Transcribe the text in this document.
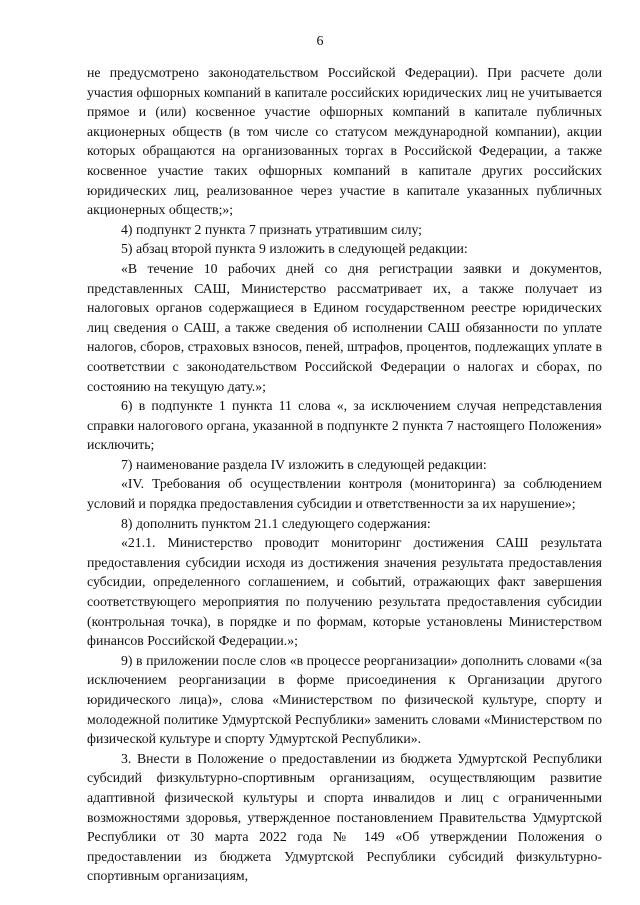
6

не предусмотрено законодательством Российской Федерации). При расчете доли участия офшорных компаний в капитале российских юридических лиц не учитывается прямое и (или) косвенное участие офшорных компаний в капитале публичных акционерных обществ (в том числе со статусом международной компании), акции которых обращаются на организованных торгах в Российской Федерации, а также косвенное участие таких офшорных компаний в капитале других российских юридических лиц, реализованное через участие в капитале указанных публичных акционерных обществ;»;

4) подпункт 2 пункта 7 признать утратившим силу;

5) абзац второй пункта 9 изложить в следующей редакции:

«В течение 10 рабочих дней со дня регистрации заявки и документов, представленных САШ, Министерство рассматривает их, а также получает из налоговых органов содержащиеся в Едином государственном реестре юридических лиц сведения о САШ, а также сведения об исполнении САШ обязанности по уплате налогов, сборов, страховых взносов, пеней, штрафов, процентов, подлежащих уплате в соответствии с законодательством Российской Федерации о налогах и сборах, по состоянию на текущую дату.»;

6) в подпункте 1 пункта 11 слова «, за исключением случая непредставления справки налогового органа, указанной в подпункте 2 пункта 7 настоящего Положения» исключить;

7) наименование раздела IV изложить в следующей редакции:

«IV. Требования об осуществлении контроля (мониторинга) за соблюдением условий и порядка предоставления субсидии и ответственности за их нарушение»;

8) дополнить пунктом 21.1 следующего содержания:

«21.1. Министерство проводит мониторинг достижения САШ результата предоставления субсидии исходя из достижения значения результата предоставления субсидии, определенного соглашением, и событий, отражающих факт завершения соответствующего мероприятия по получению результата предоставления субсидии (контрольная точка), в порядке и по формам, которые установлены Министерством финансов Российской Федерации.»;

9) в приложении после слов «в процессе реорганизации» дополнить словами «(за исключением реорганизации в форме присоединения к Организации другого юридического лица)», слова «Министерством по физической культуре, спорту и молодежной политике Удмуртской Республики» заменить словами «Министерством по физической культуре и спорту Удмуртской Республики».

3. Внести в Положение о предоставлении из бюджета Удмуртской Республики субсидий физкультурно-спортивным организациям, осуществляющим развитие адаптивной физической культуры и спорта инвалидов и лиц с ограниченными возможностями здоровья, утвержденное постановлением Правительства Удмуртской Республики от 30 марта 2022 года № 149 «Об утверждении Положения о предоставлении из бюджета Удмуртской Республики субсидий физкультурно-спортивным организациям,
